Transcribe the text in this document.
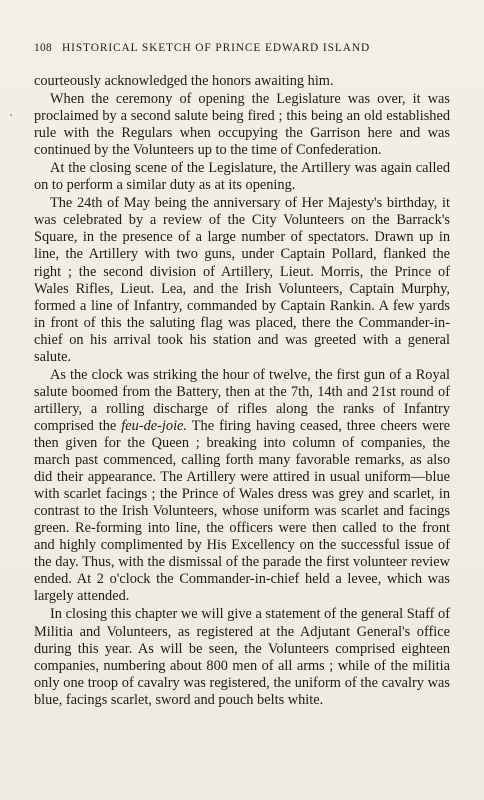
108 HISTORICAL SKETCH OF PRINCE EDWARD ISLAND

courteously acknowledged the honors awaiting him.

When the ceremony of opening the Legislature was over, it was proclaimed by a second salute being fired ; this being an old established rule with the Regulars when occupying the Garrison here and was continued by the Volunteers up to the time of Confederation.

At the closing scene of the Legislature, the Artillery was again called on to perform a similar duty as at its opening.

The 24th of May being the anniversary of Her Majesty's birthday, it was celebrated by a review of the City Volunteers on the Barrack's Square, in the presence of a large number of spectators. Drawn up in line, the Artillery with two guns, under Captain Pollard, flanked the right ; the second division of Artillery, Lieut. Morris, the Prince of Wales Rifles, Lieut. Lea, and the Irish Volunteers, Captain Murphy, formed a line of Infantry, commanded by Captain Rankin. A few yards in front of this the saluting flag was placed, there the Commander-in-chief on his arrival took his station and was greeted with a general salute.

As the clock was striking the hour of twelve, the first gun of a Royal salute boomed from the Battery, then at the 7th, 14th and 21st round of artillery, a rolling discharge of rifles along the ranks of Infantry comprised the feu-de-joie. The firing having ceased, three cheers were then given for the Queen ; breaking into column of companies, the march past commenced, calling forth many favorable remarks, as also did their appearance. The Artillery were attired in usual uniform—blue with scarlet facings ; the Prince of Wales dress was grey and scarlet, in contrast to the Irish Volunteers, whose uniform was scarlet and facings green. Re-forming into line, the officers were then called to the front and highly complimented by His Excellency on the successful issue of the day. Thus, with the dismissal of the parade the first volunteer review ended. At 2 o'clock the Commander-in-chief held a levee, which was largely attended.

In closing this chapter we will give a statement of the general Staff of Militia and Volunteers, as registered at the Adjutant General's office during this year. As will be seen, the Volunteers comprised eighteen companies, numbering about 800 men of all arms ; while of the militia only one troop of cavalry was registered, the uniform of the cavalry was blue, facings scarlet, sword and pouch belts white.
